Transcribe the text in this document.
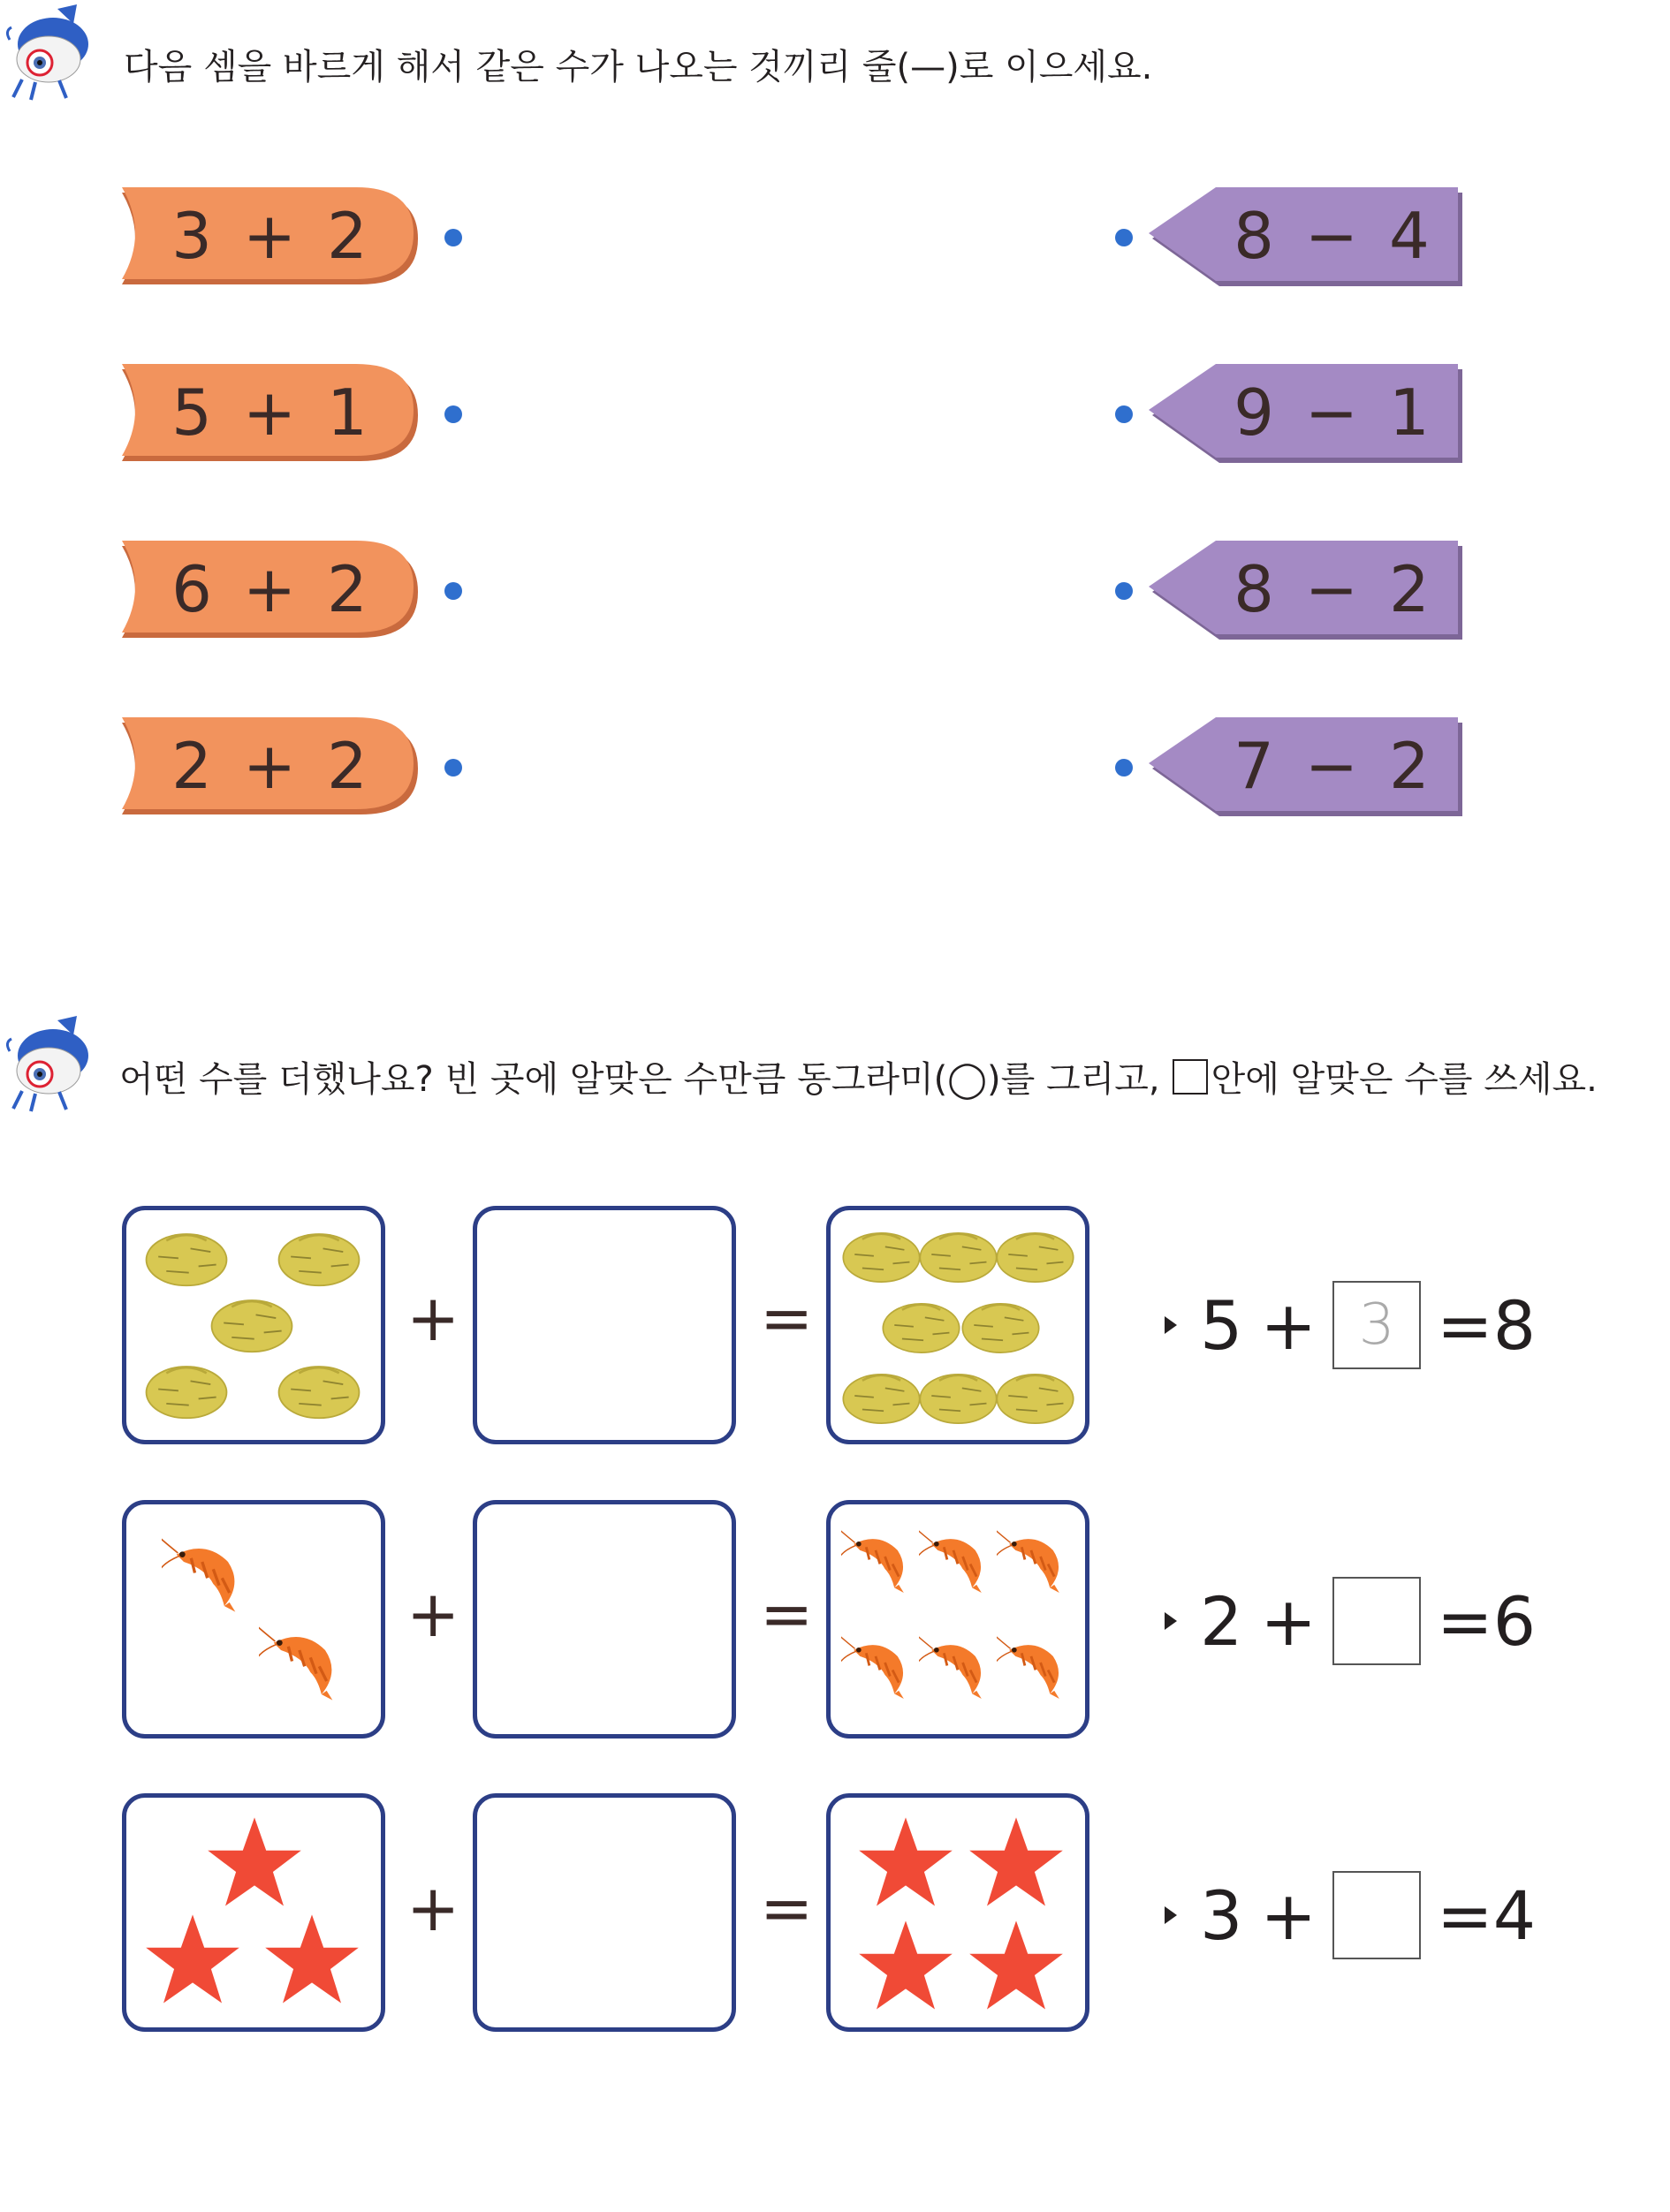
다음 셈을 바르게 해서 같은 수가 나오는 것끼리 줄(—)로 이으세요.
3 + 2
5 + 1
6 + 2
2 + 2
8 − 4
9 − 1
8 − 2
7 − 2
어떤 수를 더했나요? 빈 곳에 알맞은 수만큼 동그라미(◯)를 그리고, 안에 알맞은 수를 쓰세요.
+	=	5 + 3 = 8
+	=	2 + = 6
+	=	3 + = 4
